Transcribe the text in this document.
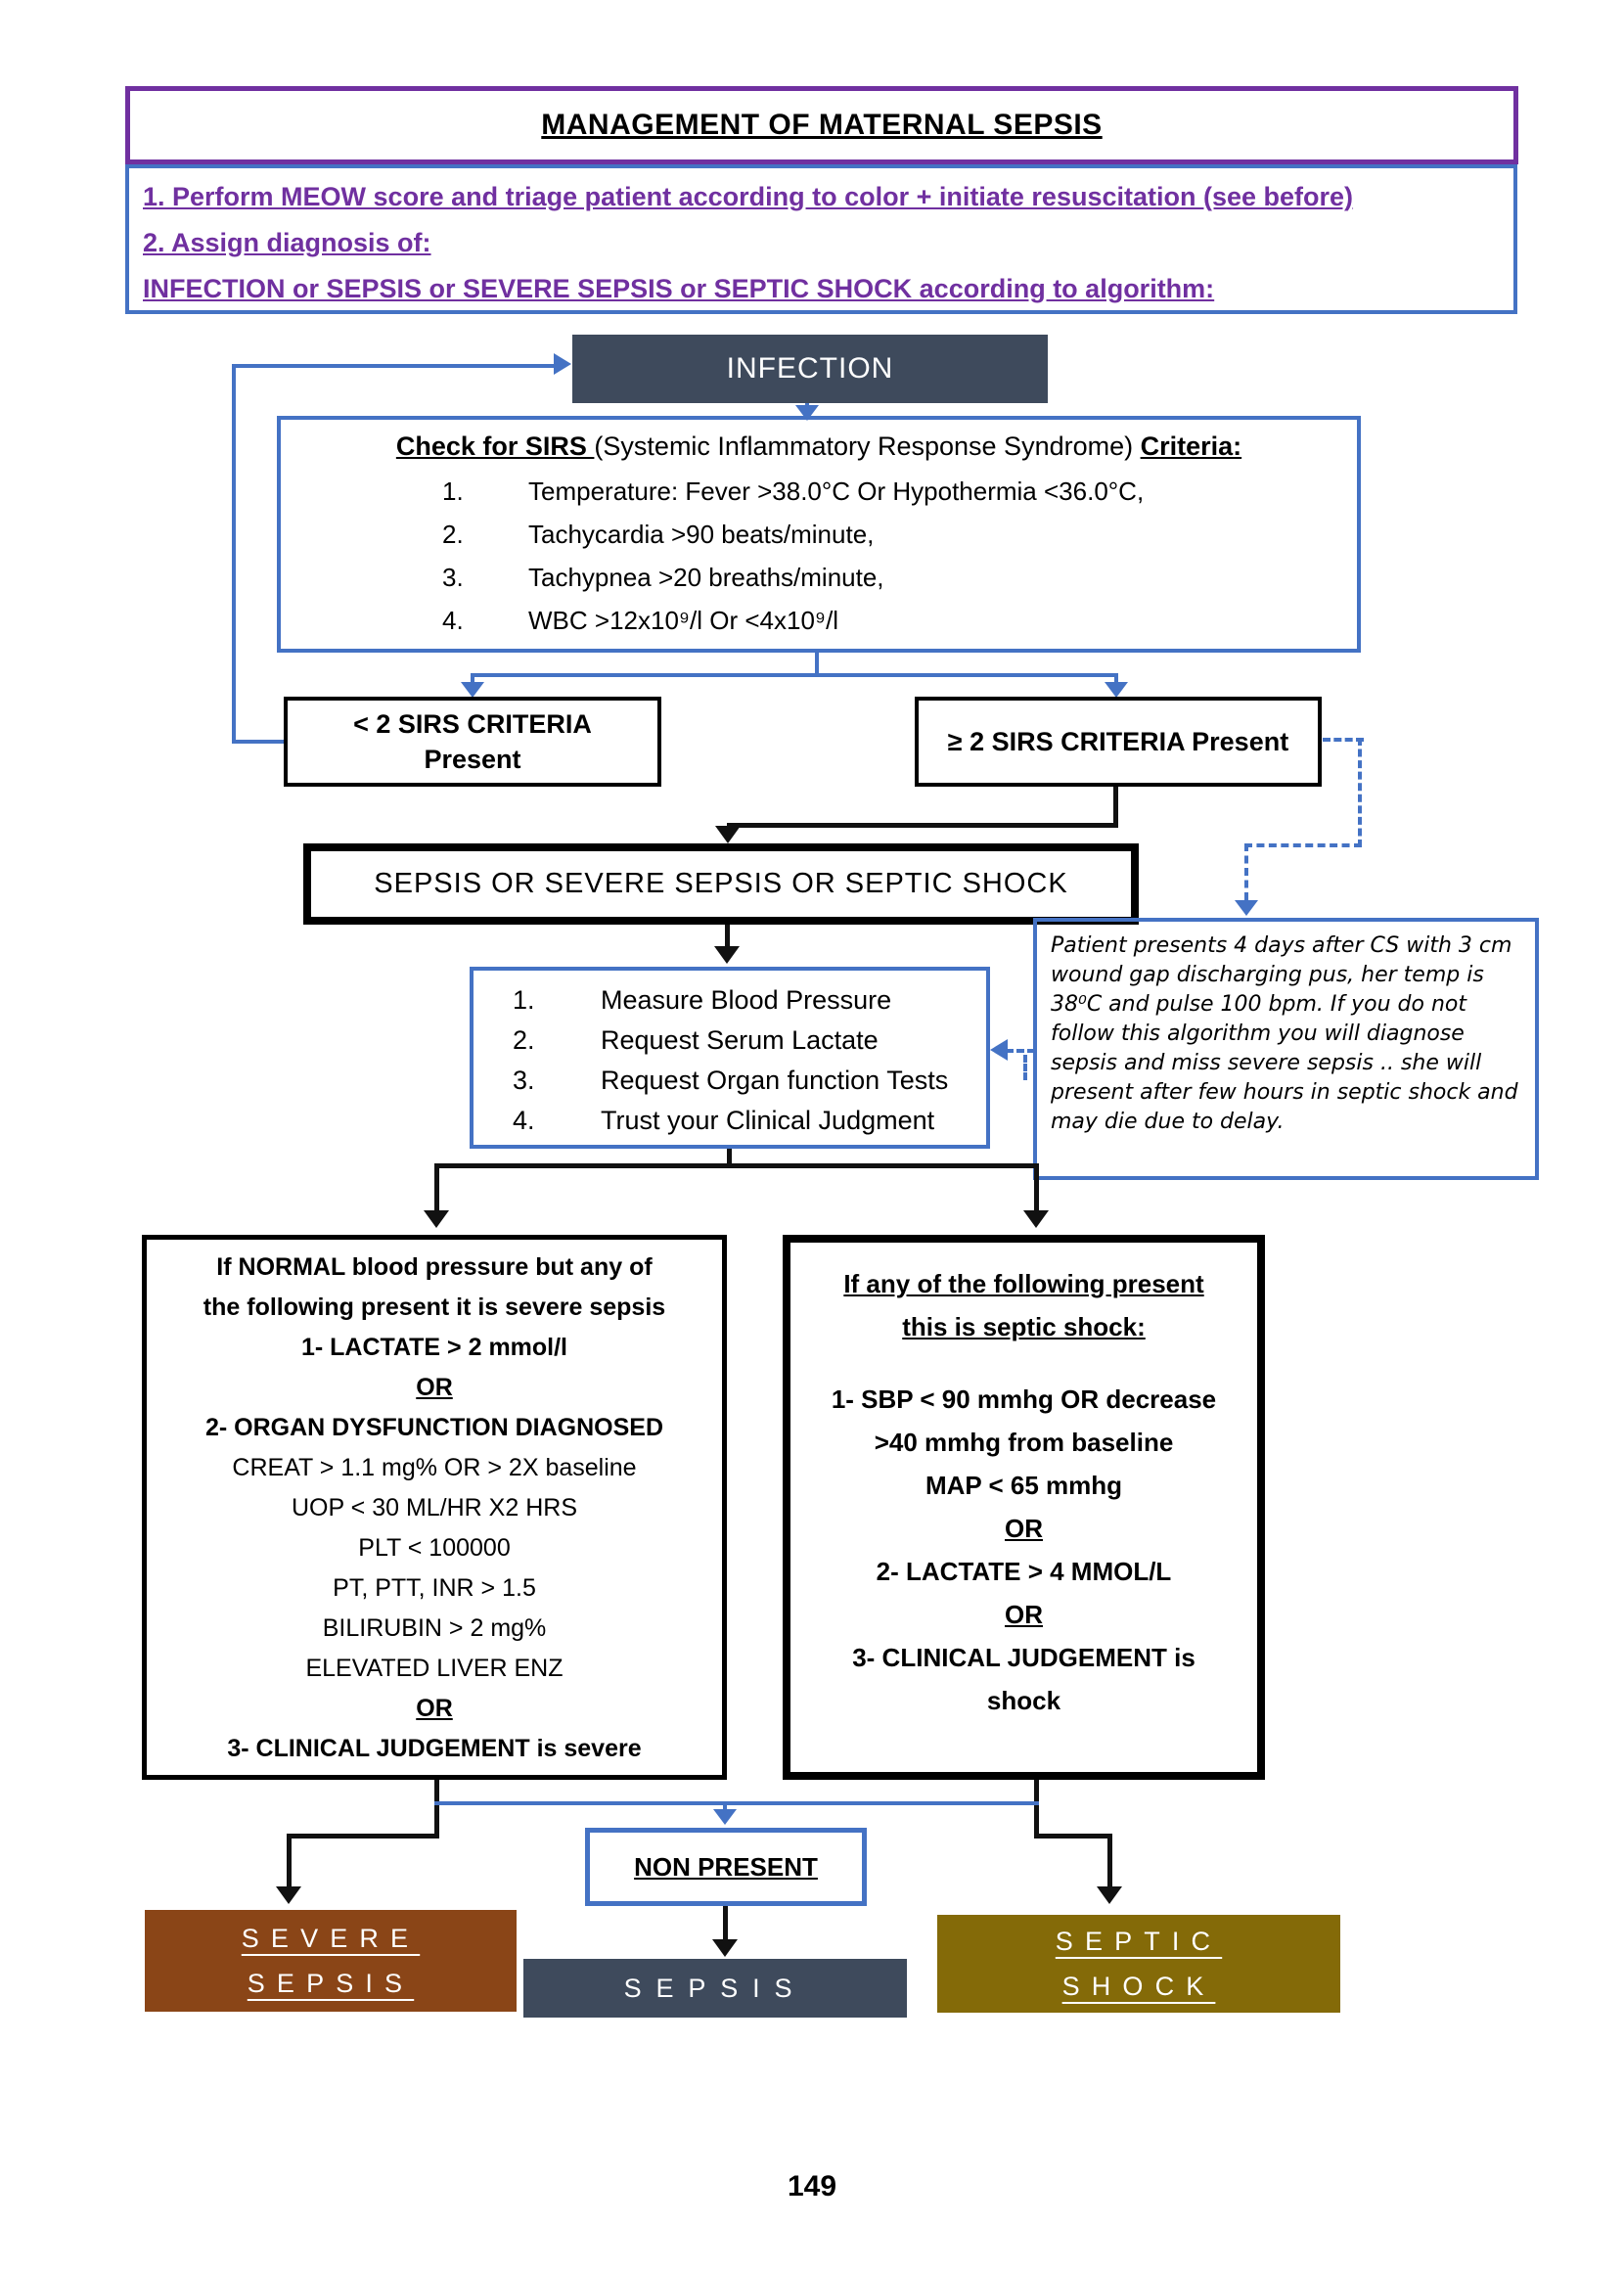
MANAGEMENT OF MATERNAL SEPSIS
1. Perform MEOW score and triage patient according to color + initiate resuscitation (see before)
2. Assign diagnosis of:
INFECTION or SEPSIS or SEVERE SEPSIS or SEPTIC SHOCK according to algorithm:
INFECTION
Check for SIRS (Systemic Inflammatory Response Syndrome) Criteria:
1.	Temperature: Fever >38.0°C Or Hypothermia <36.0°C,
2.	Tachycardia >90 beats/minute,
3.	Tachypnea >20 breaths/minute,
4.	WBC >12x10⁹/l Or <4x10⁹/l
< 2 SIRS CRITERIA
Present
≥ 2 SIRS CRITERIA Present
SEPSIS OR SEVERE SEPSIS OR SEPTIC SHOCK
1.	Measure Blood Pressure
2.	Request Serum Lactate
3.	Request Organ function Tests
4.	Trust your Clinical Judgment
Patient presents 4 days after CS with 3 cm wound gap discharging pus, her temp is 38⁰C and pulse 100 bpm. If you do not follow this algorithm you will diagnose sepsis and miss severe sepsis .. she will present after few hours in septic shock and may die due to delay.
If NORMAL blood pressure but any of
the following present it is severe sepsis
1- LACTATE > 2 mmol/l
OR
2- ORGAN DYSFUNCTION DIAGNOSED
CREAT > 1.1 mg% OR > 2X baseline
UOP < 30 ML/HR X2 HRS
PLT < 100000
PT, PTT, INR > 1.5
BILIRUBIN > 2 mg%
ELEVATED LIVER ENZ
OR
3- CLINICAL JUDGEMENT is severe
If any of the following present
this is septic shock:
1- SBP < 90 mmhg OR decrease
>40 mmhg from baseline
MAP < 65 mmhg
OR
2- LACTATE > 4 MMOL/L
OR
3- CLINICAL JUDGEMENT is
shock
NON PRESENT
SEVERE
SEPSIS	SEPSIS
SEPTIC
SHOCK
149
